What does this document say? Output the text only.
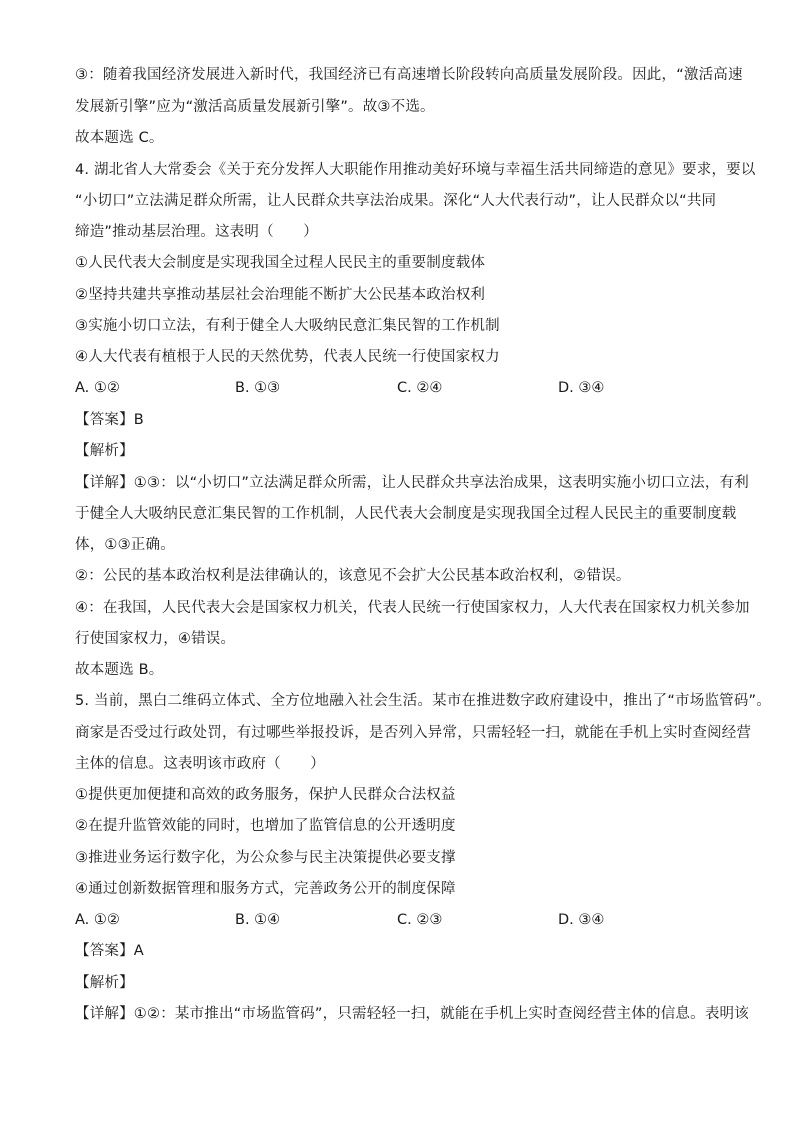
③：随着我国经济发展进入新时代，我国经济已有高速增长阶段转向高质量发展阶段。因此，“激活高速
发展新引擎”应为“激活高质量发展新引擎”。故③不选。
故本题选 C。
4. 湖北省人大常委会《关于充分发挥人大职能作用推动美好环境与幸福生活共同缔造的意见》要求，要以
“小切口”立法满足群众所需，让人民群众共享法治成果。深化“人大代表行动”，让人民群众以“共同
缔造”推动基层治理。这表明（　　）
①人民代表大会制度是实现我国全过程人民民主的重要制度载体
②坚持共建共享推动基层社会治理能不断扩大公民基本政治权利
③实施小切口立法，有利于健全人大吸纳民意汇集民智的工作机制
④人大代表有植根于人民的天然优势，代表人民统一行使国家权力
A. ①②	B. ①③	C. ②④	D. ③④
【答案】B
【解析】
【详解】①③：以“小切口”立法满足群众所需，让人民群众共享法治成果，这表明实施小切口立法，有利
于健全人大吸纳民意汇集民智的工作机制，人民代表大会制度是实现我国全过程人民民主的重要制度载
体，①③正确。
②：公民的基本政治权利是法律确认的，该意见不会扩大公民基本政治权利，②错误。
④：在我国，人民代表大会是国家权力机关，代表人民统一行使国家权力，人大代表在国家权力机关参加
行使国家权力，④错误。
故本题选 B。
5. 当前，黑白二维码立体式、全方位地融入社会生活。某市在推进数字政府建设中，推出了“市场监管码”。
商家是否受过行政处罚，有过哪些举报投诉，是否列入异常，只需轻轻一扫，就能在手机上实时查阅经营
主体的信息。这表明该市政府（　　）
①提供更加便捷和高效的政务服务，保护人民群众合法权益
②在提升监管效能的同时，也增加了监管信息的公开透明度
③推进业务运行数字化，为公众参与民主决策提供必要支撑
④通过创新数据管理和服务方式，完善政务公开的制度保障
A. ①②	B. ①④	C. ②③	D. ③④
【答案】A
【解析】
【详解】①②：某市推出“市场监管码”，只需轻轻一扫，就能在手机上实时查阅经营主体的信息。表明该
